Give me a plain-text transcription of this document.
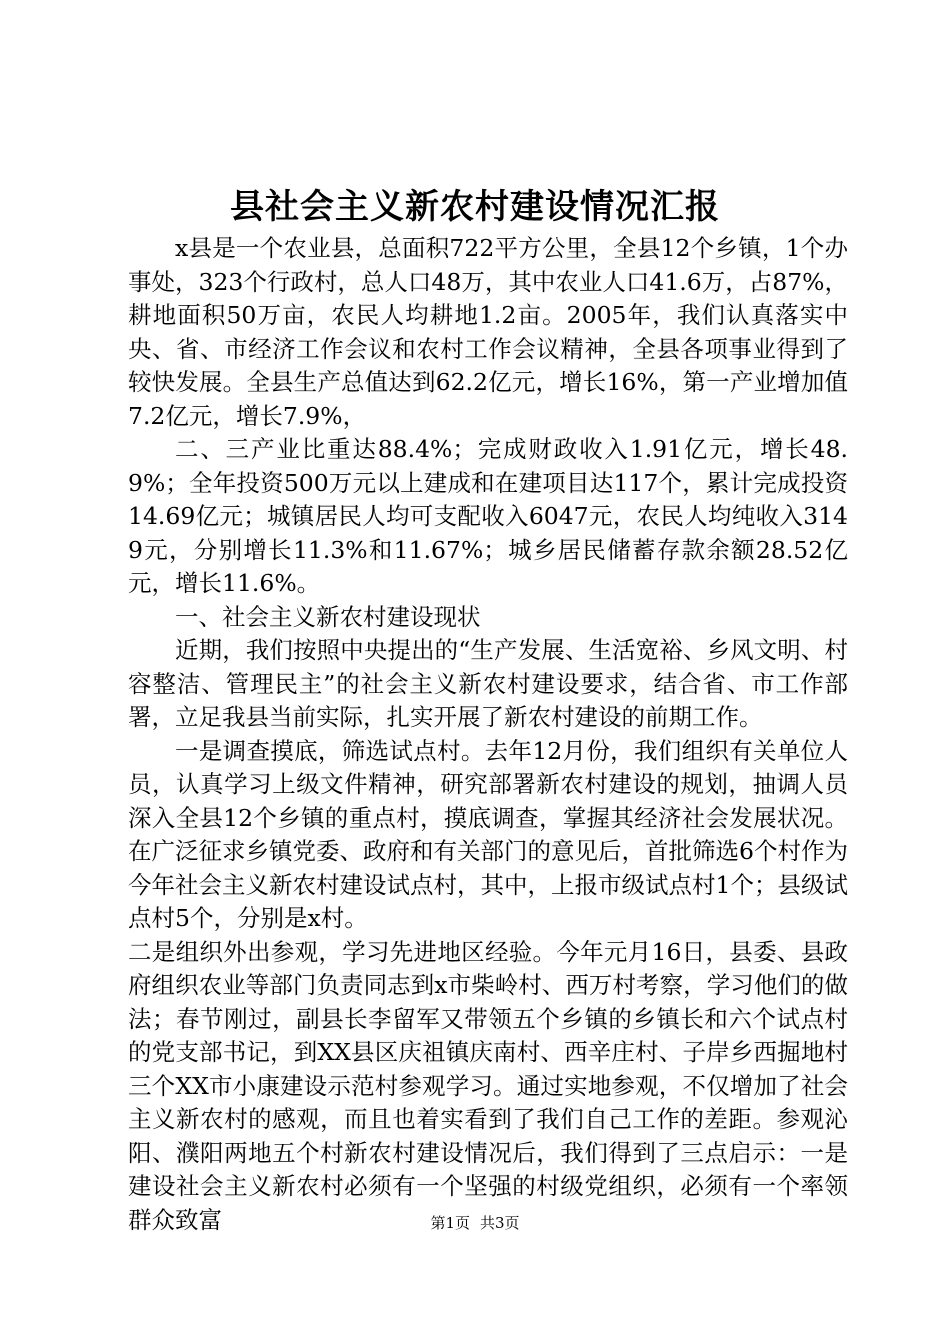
县社会主义新农村建设情况汇报

x县是一个农业县，总面积722平方公里，全县12个乡镇，1个办事处，323个行政村，总人口48万，其中农业人口41.6万，占87%，耕地面积50万亩，农民人均耕地1.2亩。2005年，我们认真落实中央、省、市经济工作会议和农村工作会议精神，全县各项事业得到了较快发展。全县生产总值达到62.2亿元，增长16%，第一产业增加值7.2亿元，增长7.9%，

二、三产业比重达88.4%；完成财政收入1.91亿元，增长48.9%；全年投资500万元以上建成和在建项目达117个，累计完成投资14.69亿元；城镇居民人均可支配收入6047元，农民人均纯收入3149元，分别增长11.3%和11.67%；城乡居民储蓄存款余额28.52亿元，增长11.6%。

一、社会主义新农村建设现状

近期，我们按照中央提出的“生产发展、生活宽裕、乡风文明、村容整洁、管理民主”的社会主义新农村建设要求，结合省、市工作部署，立足我县当前实际，扎实开展了新农村建设的前期工作。

一是调查摸底，筛选试点村。去年12月份，我们组织有关单位人员，认真学习上级文件精神，研究部署新农村建设的规划，抽调人员深入全县12个乡镇的重点村，摸底调查，掌握其经济社会发展状况。在广泛征求乡镇党委、政府和有关部门的意见后，首批筛选6个村作为今年社会主义新农村建设试点村，其中，上报市级试点村1个；县级试点村5个，分别是x村。

二是组织外出参观，学习先进地区经验。今年元月16日，县委、县政府组织农业等部门负责同志到x市柴岭村、西万村考察，学习他们的做法；春节刚过，副县长李留军又带领五个乡镇的乡镇长和六个试点村的党支部书记，到XX县区庆祖镇庆南村、西辛庄村、子岸乡西掘地村三个XX市小康建设示范村参观学习。通过实地参观，不仅增加了社会主义新农村的感观，而且也着实看到了我们自己工作的差距。参观沁阳、濮阳两地五个村新农村建设情况后，我们得到了三点启示：一是建设社会主义新农村必须有一个坚强的村级党组织，必须有一个率领群众致富	第1页 共3页
